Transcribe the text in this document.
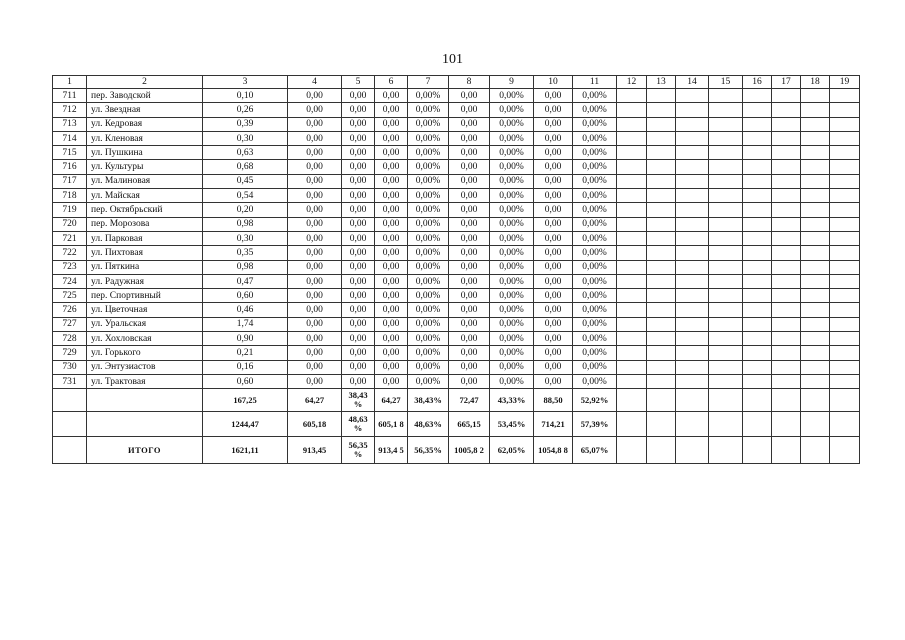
101
1	2	3	4	5	6	7	8	9	10	11	12	13	14	15	16	17	18	19
711	пер. Заводской	0,10	0,00	0,00	0,00	0,00%	0,00	0,00%	0,00	0,00%								
712	ул. Звездная	0,26	0,00	0,00	0,00	0,00%	0,00	0,00%	0,00	0,00%								
713	ул. Кедровая	0,39	0,00	0,00	0,00	0,00%	0,00	0,00%	0,00	0,00%								
714	ул. Кленовая	0,30	0,00	0,00	0,00	0,00%	0,00	0,00%	0,00	0,00%								
715	ул. Пушкина	0,63	0,00	0,00	0,00	0,00%	0,00	0,00%	0,00	0,00%								
716	ул. Культуры	0,68	0,00	0,00	0,00	0,00%	0,00	0,00%	0,00	0,00%								
717	ул. Малиновая	0,45	0,00	0,00	0,00	0,00%	0,00	0,00%	0,00	0,00%								
718	ул. Майская	0,54	0,00	0,00	0,00	0,00%	0,00	0,00%	0,00	0,00%								
719	пер. Октябрьский	0,20	0,00	0,00	0,00	0,00%	0,00	0,00%	0,00	0,00%								
720	пер. Морозова	0,98	0,00	0,00	0,00	0,00%	0,00	0,00%	0,00	0,00%								
721	ул. Парковая	0,30	0,00	0,00	0,00	0,00%	0,00	0,00%	0,00	0,00%								
722	ул. Пихтовая	0,35	0,00	0,00	0,00	0,00%	0,00	0,00%	0,00	0,00%								
723	ул. Пяткина	0,98	0,00	0,00	0,00	0,00%	0,00	0,00%	0,00	0,00%								
724	ул. Радужная	0,47	0,00	0,00	0,00	0,00%	0,00	0,00%	0,00	0,00%								
725	пер. Спортивный	0,60	0,00	0,00	0,00	0,00%	0,00	0,00%	0,00	0,00%								
726	ул. Цветочная	0,46	0,00	0,00	0,00	0,00%	0,00	0,00%	0,00	0,00%								
727	ул. Уральская	1,74	0,00	0,00	0,00	0,00%	0,00	0,00%	0,00	0,00%								
728	ул. Хохловская	0,90	0,00	0,00	0,00	0,00%	0,00	0,00%	0,00	0,00%								
729	ул. Горького	0,21	0,00	0,00	0,00	0,00%	0,00	0,00%	0,00	0,00%								
730	ул. Энтузиастов	0,16	0,00	0,00	0,00	0,00%	0,00	0,00%	0,00	0,00%								
731	ул. Трактовая	0,60	0,00	0,00	0,00	0,00%	0,00	0,00%	0,00	0,00%								
		167,25	64,27	38,43 %	64,27	38,43%	72,47	43,33%	88,50	52,92%								
		1244,47	605,18	48,63 %	605,1 8	48,63%	665,15	53,45%	714,21	57,39%								
	ИТОГО	1621,11	913,45	56,35 %	913,4 5	56,35%	1005,8 2	62,05%	1054,8 8	65,07%								
